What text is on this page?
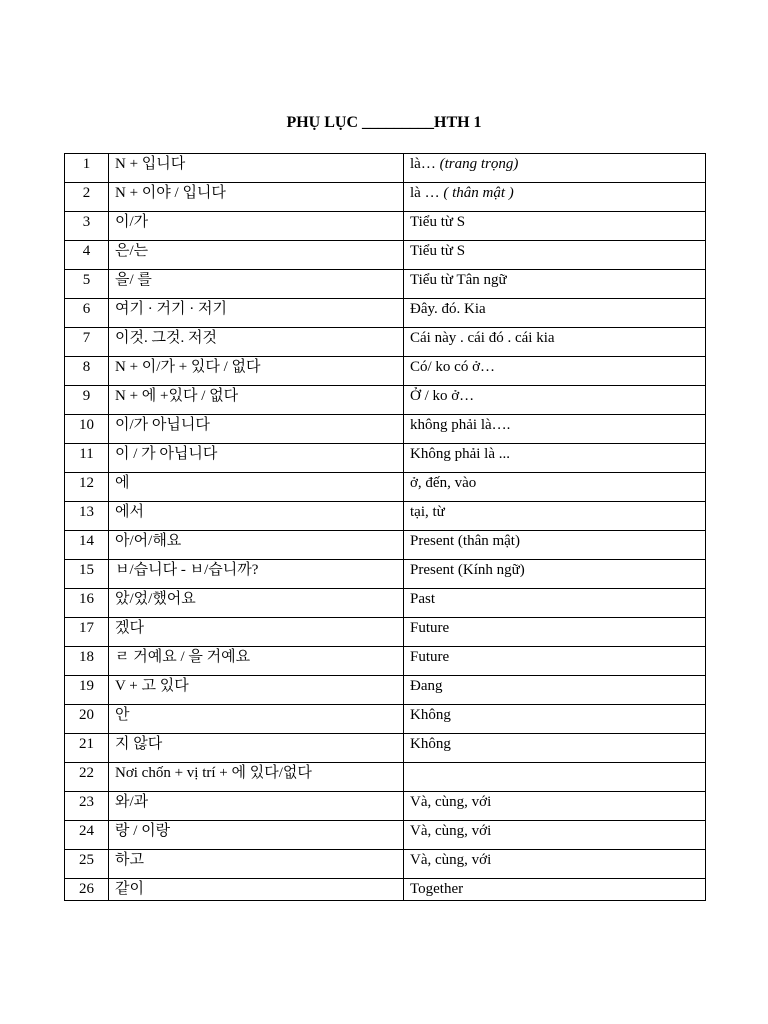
PHỤ LỤC _________HTH 1
1	N + 입니다	là… (trang trọng)
2	N + 이야 / 입니다	là … ( thân mật )
3	이/가	Tiểu từ S
4	은/는	Tiểu từ S
5	을/ 를	Tiểu từ Tân ngữ
6	여기 · 거기 · 저기	Đây. đó. Kia
7	이것. 그것. 저것	Cái này . cái đó . cái kia
8	N + 이/가 + 있다 / 없다	Có/ ko có ở…
9	N + 에 +있다 / 없다	Ở / ko ở…
10	이/가 아닙니다	không phải là….
11	이 / 가 아닙니다	Không phải là ...
12	에	ở, đến, vào
13	에서	tại, từ
14	아/어/해요	Present (thân mật)
15	ㅂ/습니다 - ㅂ/습니까?	Present (Kính ngữ)
16	았/었/했어요	Past
17	겠다	Future
18	ㄹ 거예요 / 을 거예요	Future
19	V + 고 있다	Đang
20	안	Không
21	지 않다	Không
22	Nơi chốn + vị trí + 에 있다/없다	
23	와/과	Và, cùng, với
24	랑 / 이랑	Và, cùng, với
25	하고	Và, cùng, với
26	같이	Together
